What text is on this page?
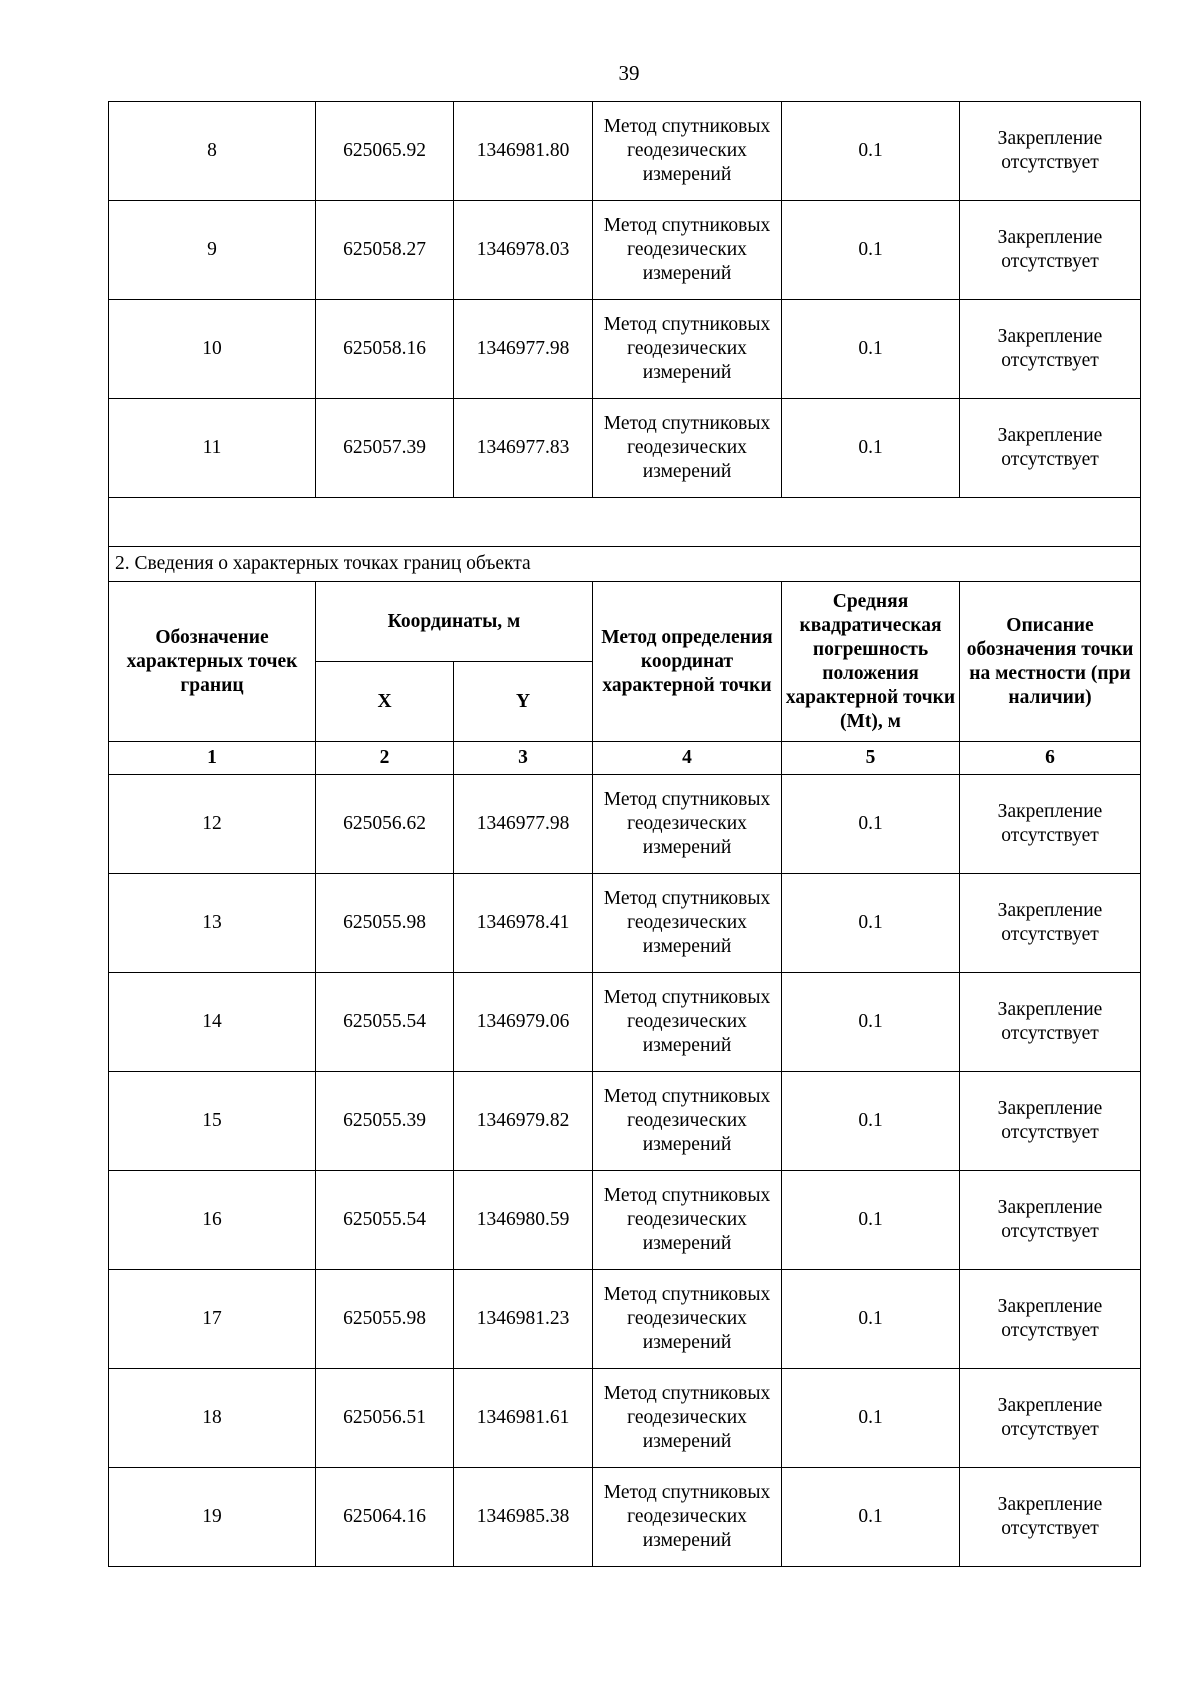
39
8	625065.92	1346981.80	Метод спутниковых геодезических измерений	0.1	Закрепление отсутствует
9	625058.27	1346978.03	Метод спутниковых геодезических измерений	0.1	Закрепление отсутствует
10	625058.16	1346977.98	Метод спутниковых геодезических измерений	0.1	Закрепление отсутствует
11	625057.39	1346977.83	Метод спутниковых геодезических измерений	0.1	Закрепление отсутствует

2. Сведения о характерных точках границ объекта					
Обозначение характерных точек границ	Координаты, м		Метод определения координат характерной точки	Средняя квадратическая погрешность положения характерной точки (Mt), м	Описание обозначения точки на местности (при наличии)
	X	Y			
1	2	3	4	5	6
12	625056.62	1346977.98	Метод спутниковых геодезических измерений	0.1	Закрепление отсутствует
13	625055.98	1346978.41	Метод спутниковых геодезических измерений	0.1	Закрепление отсутствует
14	625055.54	1346979.06	Метод спутниковых геодезических измерений	0.1	Закрепление отсутствует
15	625055.39	1346979.82	Метод спутниковых геодезических измерений	0.1	Закрепление отсутствует
16	625055.54	1346980.59	Метод спутниковых геодезических измерений	0.1	Закрепление отсутствует
17	625055.98	1346981.23	Метод спутниковых геодезических измерений	0.1	Закрепление отсутствует
18	625056.51	1346981.61	Метод спутниковых геодезических измерений	0.1	Закрепление отсутствует
19	625064.16	1346985.38	Метод спутниковых геодезических измерений	0.1	Закрепление отсутствует
